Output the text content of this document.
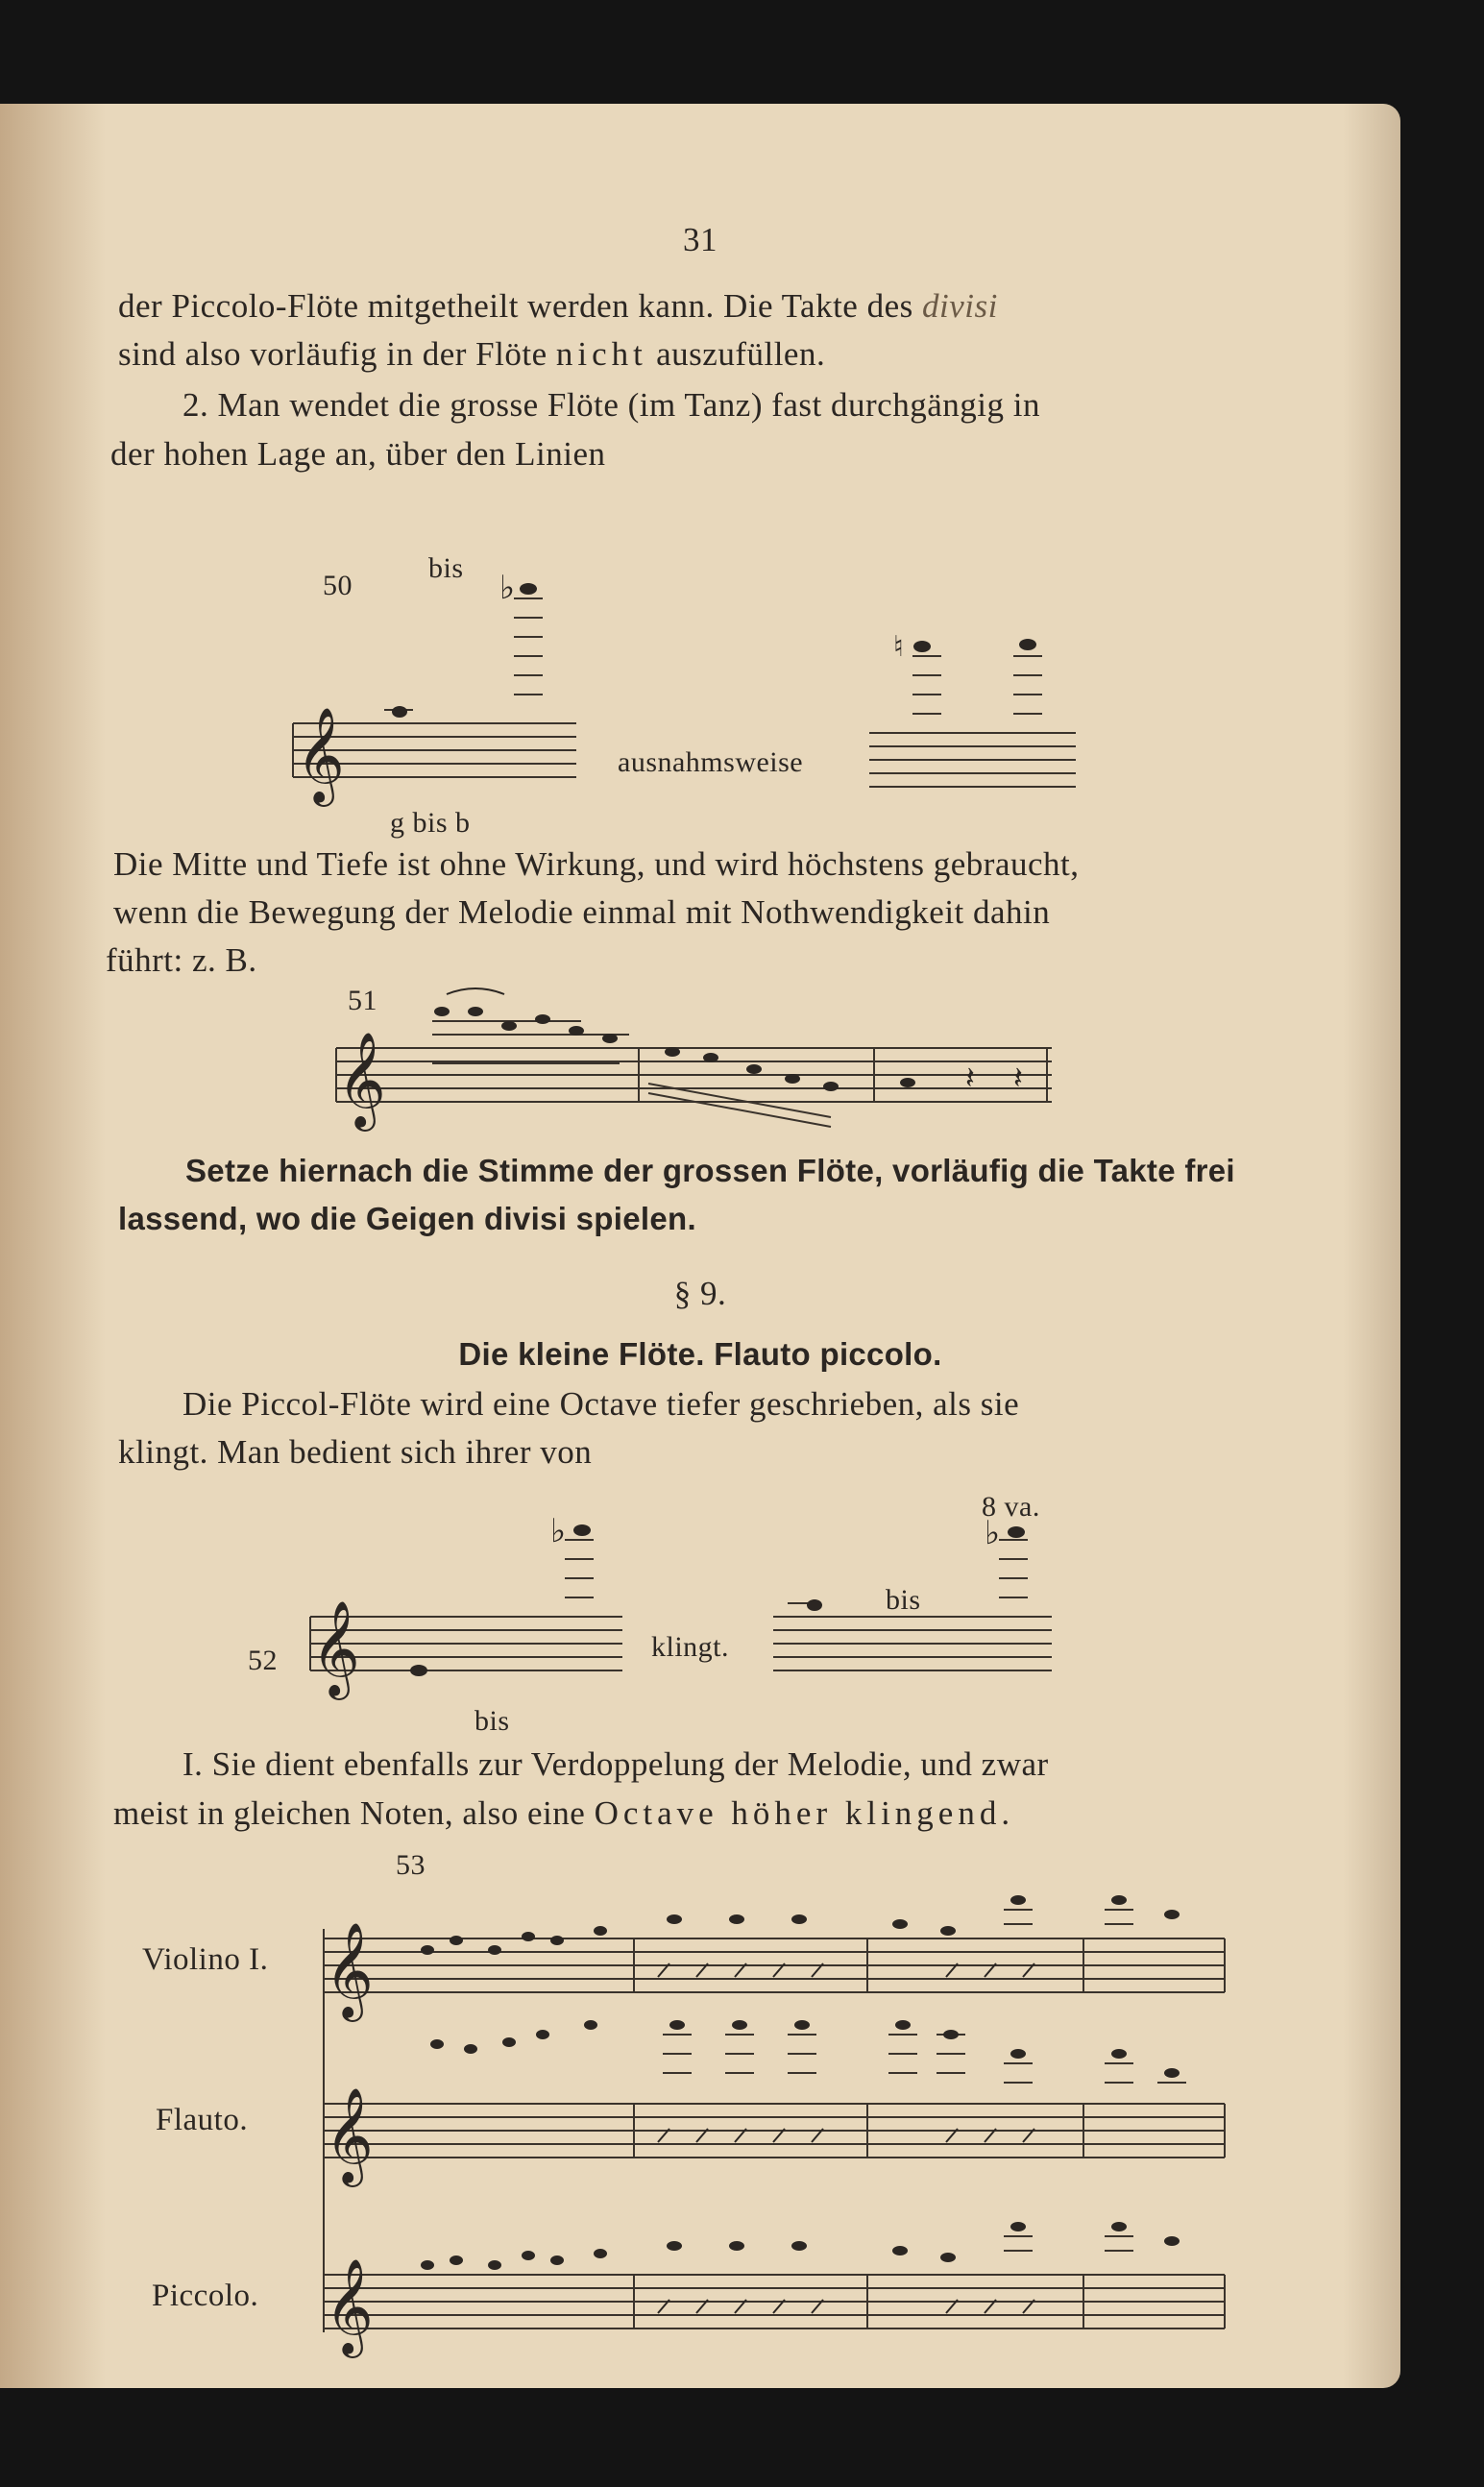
31
der Piccolo-Flöte mitgetheilt werden kann. Die Takte des divisi
sind also vorläufig in der Flöte nicht auszufüllen.
2. Man wendet die grosse Flöte (im Tanz) fast durchgängig in
der hohen Lage an, über den Linien
50
bis
𝄞
♭
g bis b
ausnahmsweise
♮
Die Mitte und Tiefe ist ohne Wirkung, und wird höchstens gebraucht,
wenn die Bewegung der Melodie einmal mit Nothwendigkeit dahin
führt: z. B.
51
𝄞	𝄽 𝄽
Setze hiernach die Stimme der grossen Flöte, vorläufig die Takte frei
lassend, wo die Geigen divisi spielen.
§ 9.
Die kleine Flöte. Flauto piccolo.
Die Piccol-Flöte wird eine Octave tiefer geschrieben, als sie
klingt. Man bedient sich ihrer von
52 𝄞
♭
bis
klingt.
8 va.
bis
♭
I. Sie dient ebenfalls zur Verdoppelung der Melodie, und zwar
meist in gleichen Noten, also eine Octave höher klingend.
53
Violino I.
Flauto.
Piccolo.
𝄞
𝄞
𝄞
